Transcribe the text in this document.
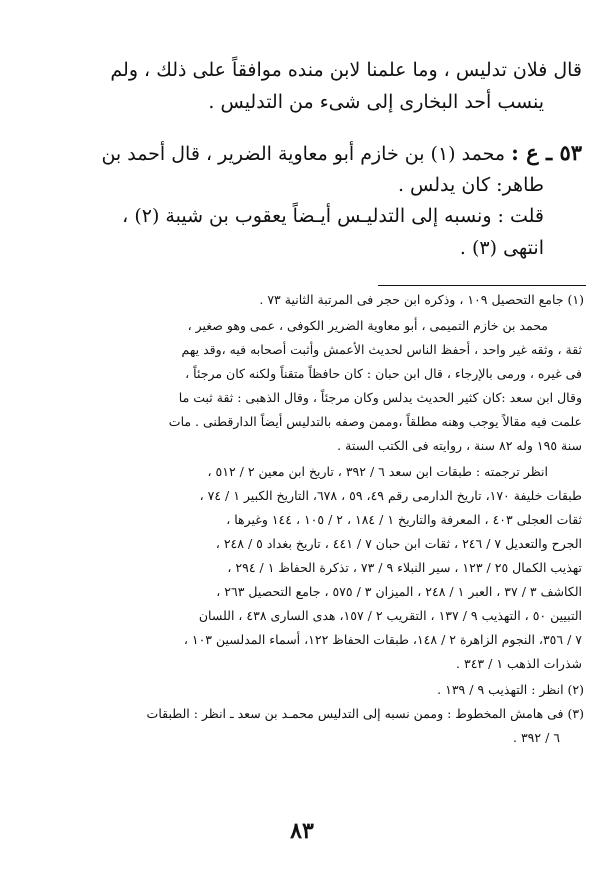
قال فلان تدليس ، وما علمنا لابن منده موافقاً على ذلك ، ولم
ينسب أحد البخارى إلى شىء من التدليس .
٥٣ ـ ع : محمد (١) بن خازم أبو معاوية الضرير ، قال أحمد بن
طاهر: كان يدلس .
قلت : ونسبه إلى التدليـس أيـضاً يعقوب بن شيبة (٢) ،
انتهى (٣) .
(١) جامع التحصيل ١٠٩ ، وذكره ابن حجر فى المرتبة الثانية ٧٣ .
محمد بن خازم التميمى ، أبو معاوية الضرير الكوفى ، عمى وهو صغير ،
ثقة ، وثقه غير واحد ، أحفظ الناس لحديث الأعمش وأثبت أصحابه فيه ،وقد يهم
فى غيره ، ورمى بالإرجاء ، قال ابن حبان : كان حافظاً متقناً ولكنه كان مرجئاً ،
وقال ابن سعد :كان كثير الحديث يدلس وكان مرجئاً ، وقال الذهبى : ثقة ثبت ما
علمت فيه مقالاً يوجب وهنه مطلقاً ،وممن وصفه بالتدليس أيضاً الدارقطنى . مات
سنة ١٩٥ وله ٨٢ سنة ، روايته فى الكتب الستة .
انظر ترجمته : طبقات ابن سعد ٦ / ٣٩٢ ، تاريخ ابن معين ٢ / ٥١٢ ،
طبقات خليفة ١٧٠، تاريخ الدارمى رقم ٤٩، ٥٩ ، ٦٧٨، التاريخ الكبير ١ / ٧٤ ،
ثقات العجلى ٤٠٣ ، المعرفة والتاريخ ١ / ١٨٤ ، ٢ / ١٠٥ ، ١٤٤ وغيرها ،
الجرح والتعديل ٧ / ٢٤٦ ، ثقات ابن حبان ٧ / ٤٤١ ، تاريخ بغداد ٥ / ٢٤٨ ،
تهذيب الكمال ٢٥ / ١٢٣ ، سير النبلاء ٩ / ٧٣ ، تذكرة الحفاظ ١ / ٢٩٤ ،
الكاشف ٣ / ٣٧ ، العبر ١ / ٢٤٨ ، الميزان ٣ / ٥٧٥ ، جامع التحصيل ٢٦٣ ،
التبيين ٥٠ ، التهذيب ٩ / ١٣٧ ، التقريب ٢ / ١٥٧، هدى السارى ٤٣٨ ، اللسان
٧ / ٣٥٦، النجوم الزاهرة ٢ / ١٤٨، طبقات الحفاظ ١٢٢، أسماء المدلسين ١٠٣ ،
شذرات الذهب ١ / ٣٤٣ .
(٢) انظر : التهذيب ٩ / ١٣٩ .
(٣) فى هامش المخطوط : وممن نسبه إلى التدليس محمـد بن سعد ـ انظر : الطبقات
٦ / ٣٩٢ .
٨٣
